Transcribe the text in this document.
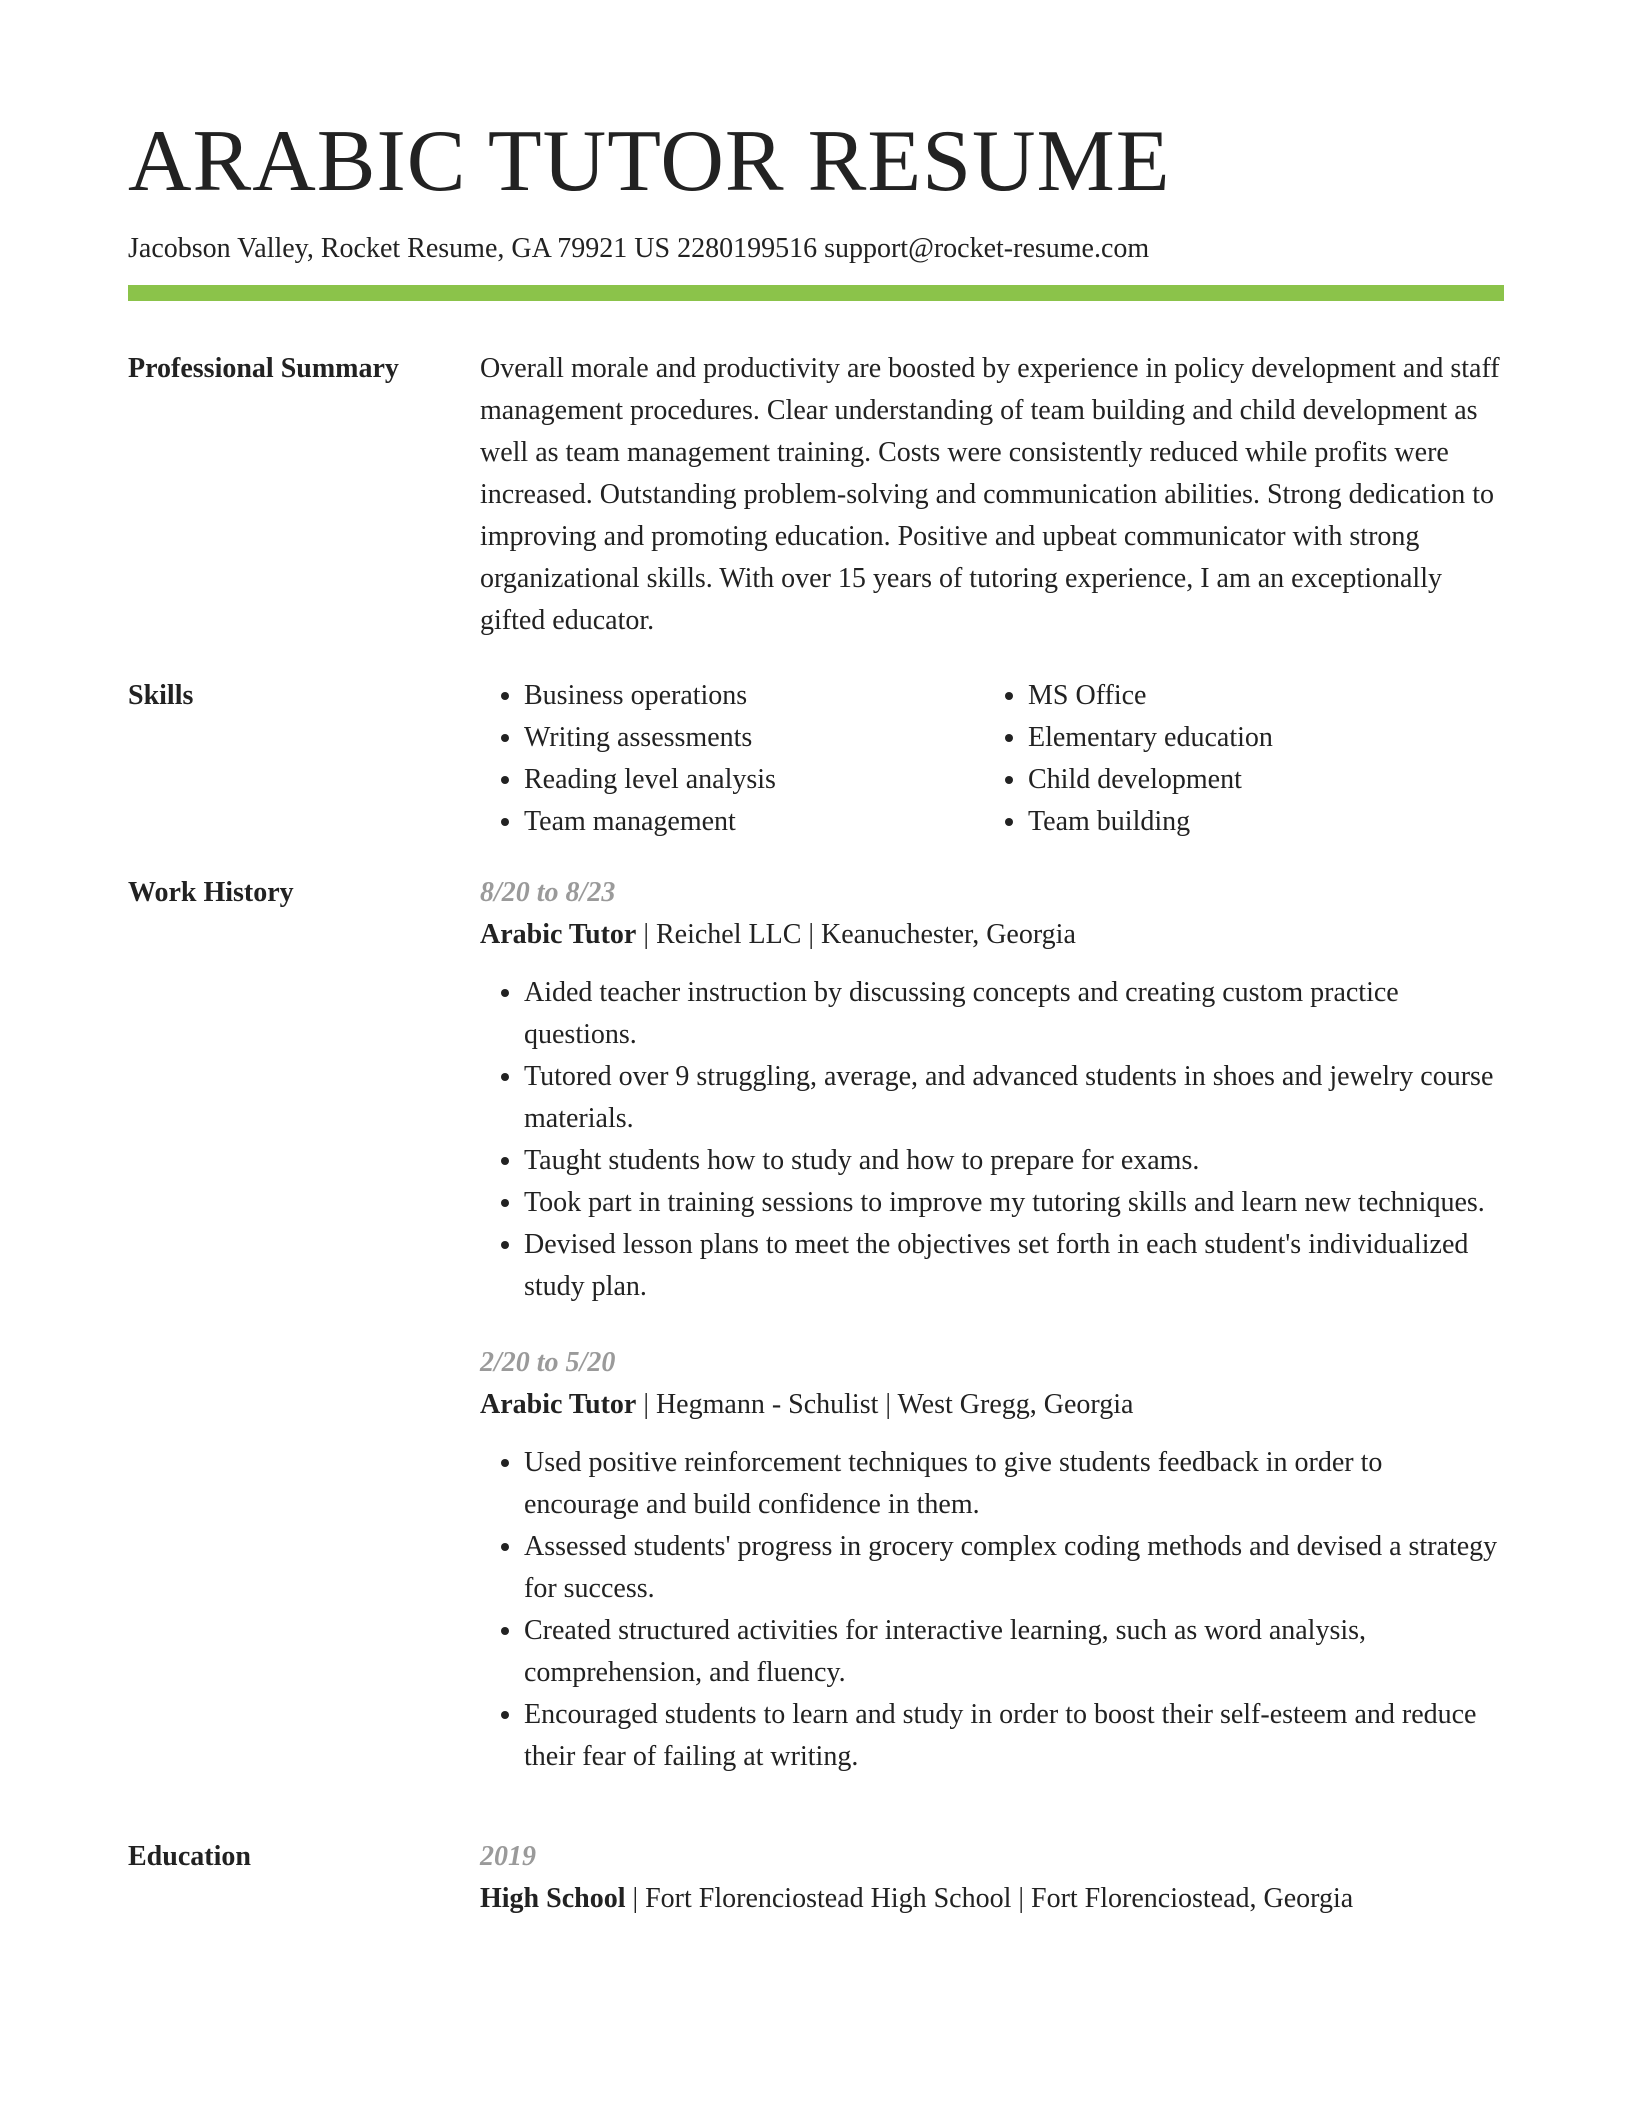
ARABIC TUTOR RESUME
Jacobson Valley, Rocket Resume, GA 79921 US 2280199516 support@rocket-resume.com
Professional Summary	Overall morale and productivity are boosted by experience in policy development and staff management procedures. Clear understanding of team building and child development as well as team management training. Costs were consistently reduced while profits were increased. Outstanding problem-solving and communication abilities. Strong dedication to improving and promoting education. Positive and upbeat communicator with strong organizational skills. With over 15 years of tutoring experience, I am an exceptionally gifted educator.

Skills
•	Business operations
• Writing assessments
• Reading level analysis
• Team management
• MS Office
• Elementary education
• Child development
• Team building
Work History	8/20 to 8/23
Arabic Tutor | Reichel LLC | Keanuchester, Georgia
• Aided teacher instruction by discussing concepts and creating custom practice questions.
• Tutored over 9 struggling, average, and advanced students in shoes and jewelry course materials.
• Taught students how to study and how to prepare for exams.
• Took part in training sessions to improve my tutoring skills and learn new techniques.
• Devised lesson plans to meet the objectives set forth in each student's individualized study plan.
2/20 to 5/20
Arabic Tutor | Hegmann - Schulist | West Gregg, Georgia
• Used positive reinforcement techniques to give students feedback in order to encourage and build confidence in them.
• Assessed students' progress in grocery complex coding methods and devised a strategy for success.
• Created structured activities for interactive learning, such as word analysis, comprehension, and fluency.
• Encouraged students to learn and study in order to boost their self-esteem and reduce their fear of failing at writing.
Education	2019
High School | Fort Florenciostead High School | Fort Florenciostead, Georgia
